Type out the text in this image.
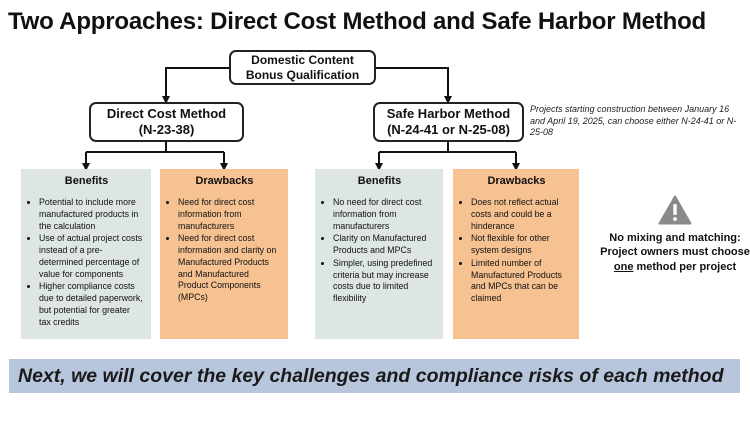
Two Approaches: Direct Cost Method and Safe Harbor Method
Domestic Content
Bonus Qualification
Direct Cost Method
(N-23-38)
Safe Harbor Method
(N-24-41 or N-25-08)
Projects starting construction between January 16 and April 19, 2025, can choose either N-24-41 or N-25-08
Benefits
• Potential to include more manufactured products in the calculation
• Use of actual project costs instead of a pre-determined percentage of value for components
• Higher compliance costs due to detailed paperwork, but potential for greater tax credits
Drawbacks
• Need for direct cost information from manufacturers
• Need for direct cost information and clarity on Manufactured Products and Manufactured Product Components (MPCs)
Benefits
• No need for direct cost information from manufacturers
• Clarity on Manufactured Products and MPCs
• Simpler, using predefined criteria but may increase costs due to limited flexibility
Drawbacks
• Does not reflect actual costs and could be a hinderance
• Not flexible for other system designs
• Limited number of Manufactured Products and MPCs that can be claimed
No mixing and matching:
Project owners must choose one method per project
Next, we will cover the key challenges and compliance risks of each method
